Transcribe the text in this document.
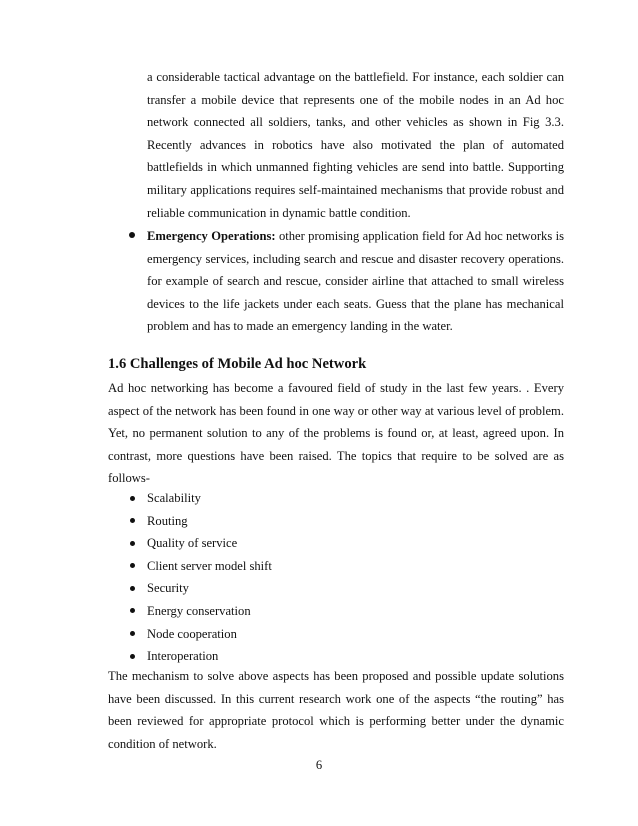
a considerable tactical advantage on the battlefield. For instance, each soldier can transfer a mobile device that represents one of the mobile nodes in an Ad hoc network connected all soldiers, tanks, and other vehicles as shown in Fig 3.3. Recently advances in robotics have also motivated the plan of automated battlefields in which unmanned fighting vehicles are send into battle. Supporting military applications requires self-maintained mechanisms that provide robust and reliable communication in dynamic battle condition.
Emergency Operations: other promising application field for Ad hoc networks is emergency services, including search and rescue and disaster recovery operations. for example of search and rescue, consider airline that attached to small wireless devices to the life jackets under each seats. Guess that the plane has mechanical problem and has to made an emergency landing in the water.
1.6 Challenges of Mobile Ad hoc Network
Ad hoc networking has become a favoured field of study in the last few years. . Every aspect of the network has been found in one way or other way at various level of problem. Yet, no permanent solution to any of the problems is found or, at least, agreed upon. In contrast, more questions have been raised. The topics that require to be solved are as follows-
Scalability
Routing
Quality of service
Client server model shift
Security
Energy conservation
Node cooperation
Interoperation
The mechanism to solve above aspects has been proposed and possible update solutions have been discussed. In this current research work one of the aspects “the routing” has been reviewed for appropriate protocol which is performing better under the dynamic condition of network.
6
